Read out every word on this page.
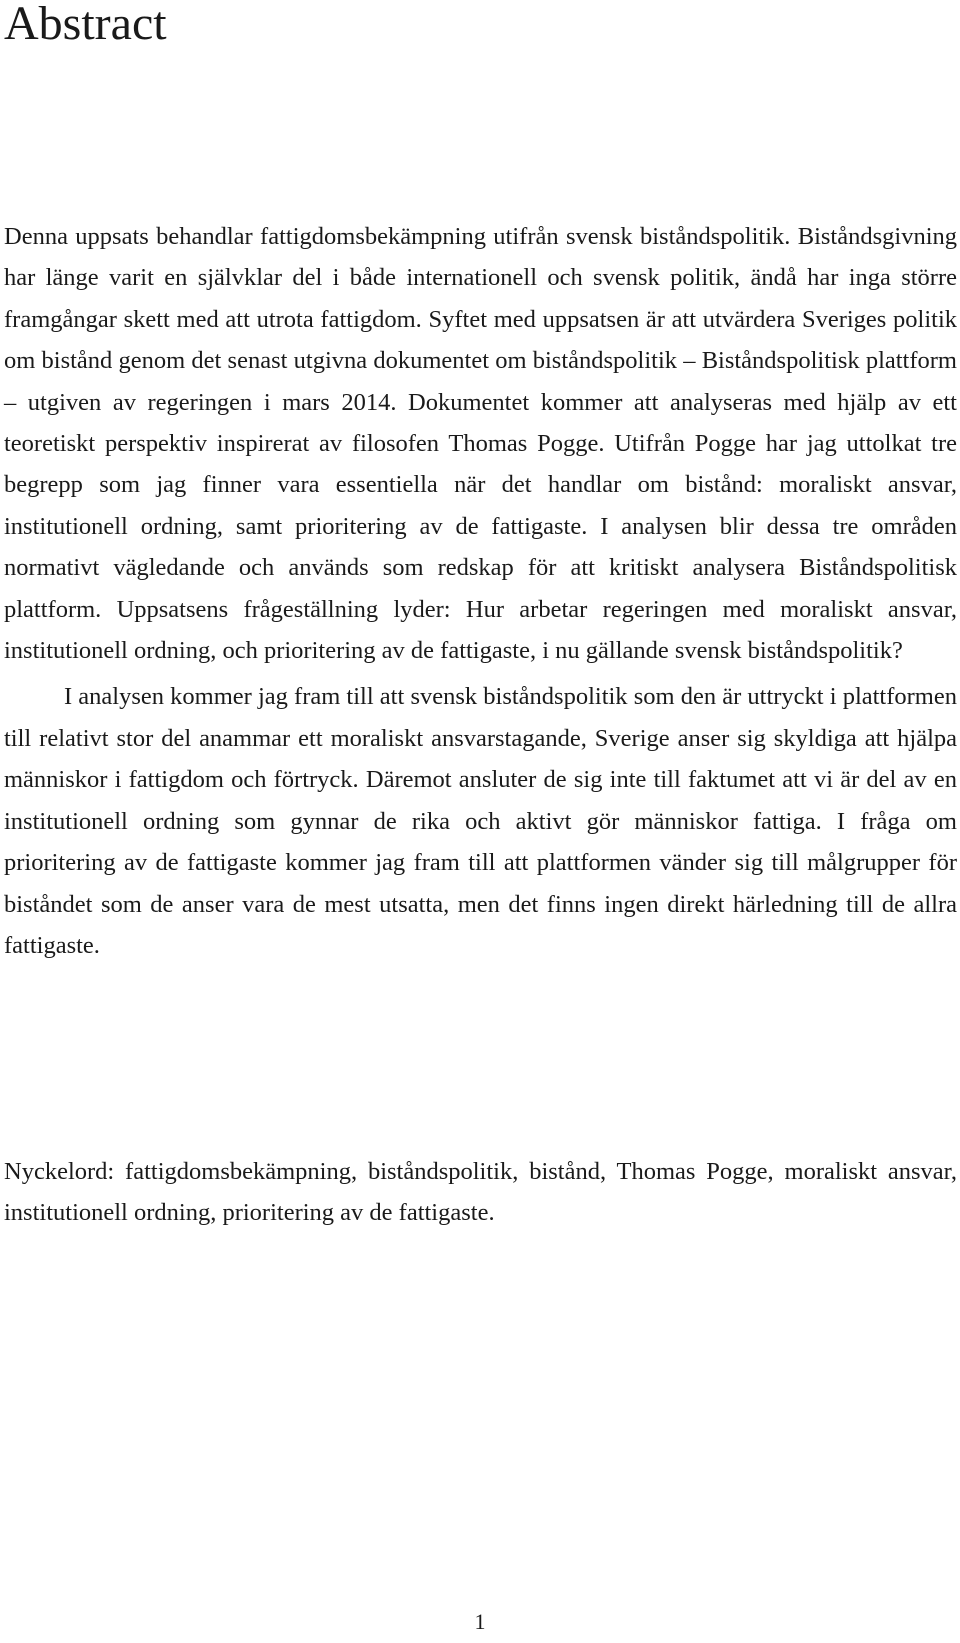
Abstract

Denna uppsats behandlar fattigdomsbekämpning utifrån svensk biståndspolitik. Biståndsgivning har länge varit en självklar del i både internationell och svensk politik, ändå har inga större framgångar skett med att utrota fattigdom. Syftet med uppsatsen är att utvärdera Sveriges politik om bistånd genom det senast utgivna dokumentet om biståndspolitik – Biståndspolitisk plattform – utgiven av regeringen i mars 2014. Dokumentet kommer att analyseras med hjälp av ett teoretiskt perspektiv inspirerat av filosofen Thomas Pogge. Utifrån Pogge har jag uttolkat tre begrepp som jag finner vara essentiella när det handlar om bistånd: moraliskt ansvar, institutionell ordning, samt prioritering av de fattigaste. I analysen blir dessa tre områden normativt vägledande och används som redskap för att kritiskt analysera Biståndspolitisk plattform. Uppsatsens frågeställning lyder: Hur arbetar regeringen med moraliskt ansvar, institutionell ordning, och prioritering av de fattigaste, i nu gällande svensk biståndspolitik?

I analysen kommer jag fram till att svensk biståndspolitik som den är uttryckt i plattformen till relativt stor del anammar ett moraliskt ansvarstagande, Sverige anser sig skyldiga att hjälpa människor i fattigdom och förtryck. Däremot ansluter de sig inte till faktumet att vi är del av en institutionell ordning som gynnar de rika och aktivt gör människor fattiga. I fråga om prioritering av de fattigaste kommer jag fram till att plattformen vänder sig till målgrupper för biståndet som de anser vara de mest utsatta, men det finns ingen direkt härledning till de allra fattigaste.

Nyckelord: fattigdomsbekämpning, biståndspolitik, bistånd, Thomas Pogge, moraliskt ansvar, institutionell ordning, prioritering av de fattigaste.

1
